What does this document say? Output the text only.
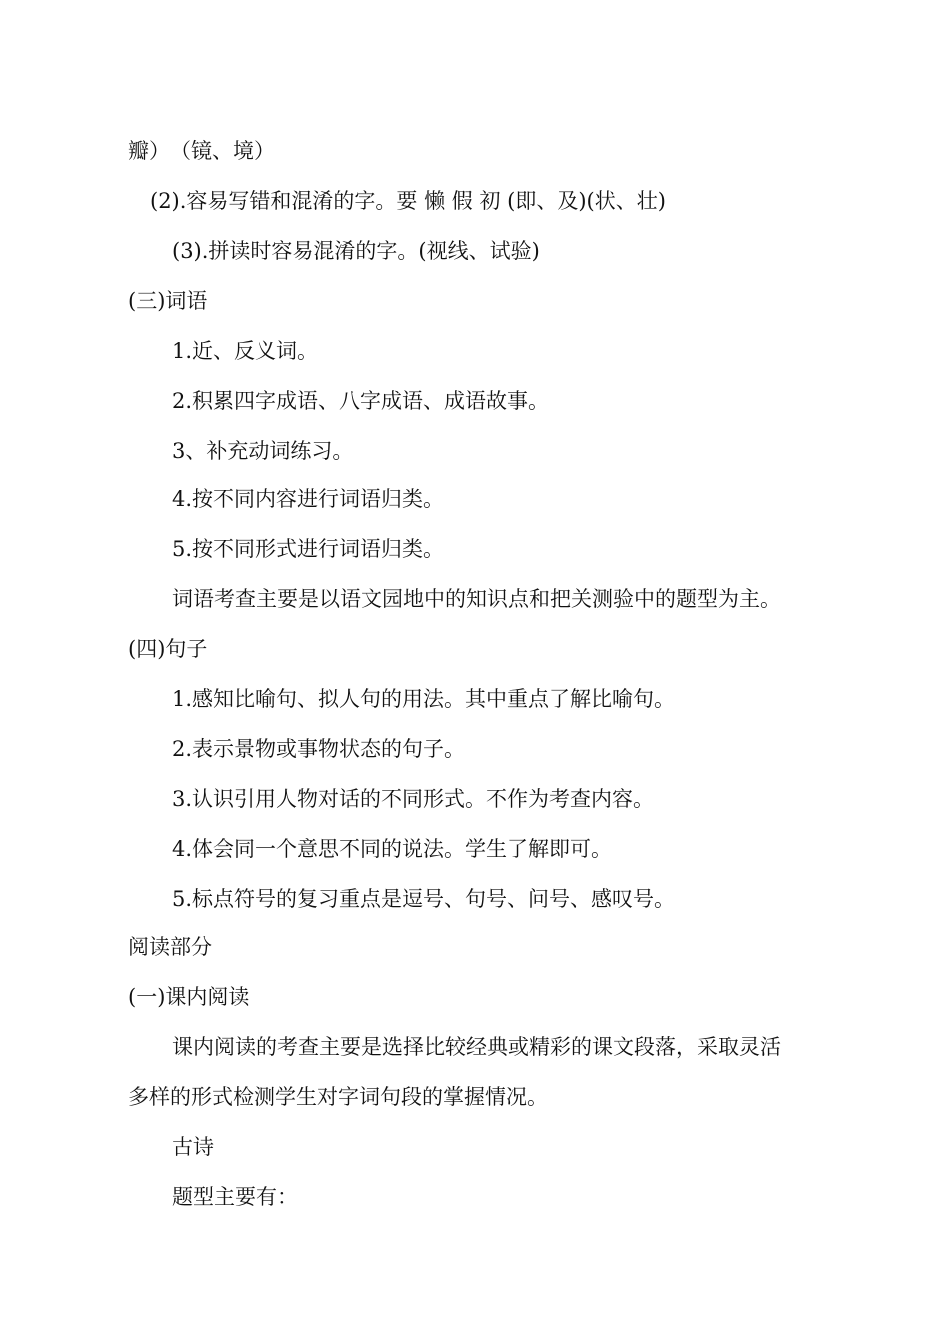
瓣）　（镜、境）
(2).容易写错和混淆的字。要 懒 假 初 (即、及)(状、壮)
(3).拼读时容易混淆的字。(视线、试验)
(三)词语
1.近、反义词。
2.积累四字成语、八字成语、成语故事。
3、补充动词练习。
4.按不同内容进行词语归类。
5.按不同形式进行词语归类。
词语考查主要是以语文园地中的知识点和把关测验中的题型为主。
(四)句子
1.感知比喻句、拟人句的用法。其中重点了解比喻句。
2.表示景物或事物状态的句子。
3.认识引用人物对话的不同形式。不作为考查内容。
4.体会同一个意思不同的说法。学生了解即可。
5.标点符号的复习重点是逗号、句号、问号、感叹号。
阅读部分
(一)课内阅读
课内阅读的考查主要是选择比较经典或精彩的课文段落，采取灵活
多样的形式检测学生对字词句段的掌握情况。
古诗
题型主要有：
